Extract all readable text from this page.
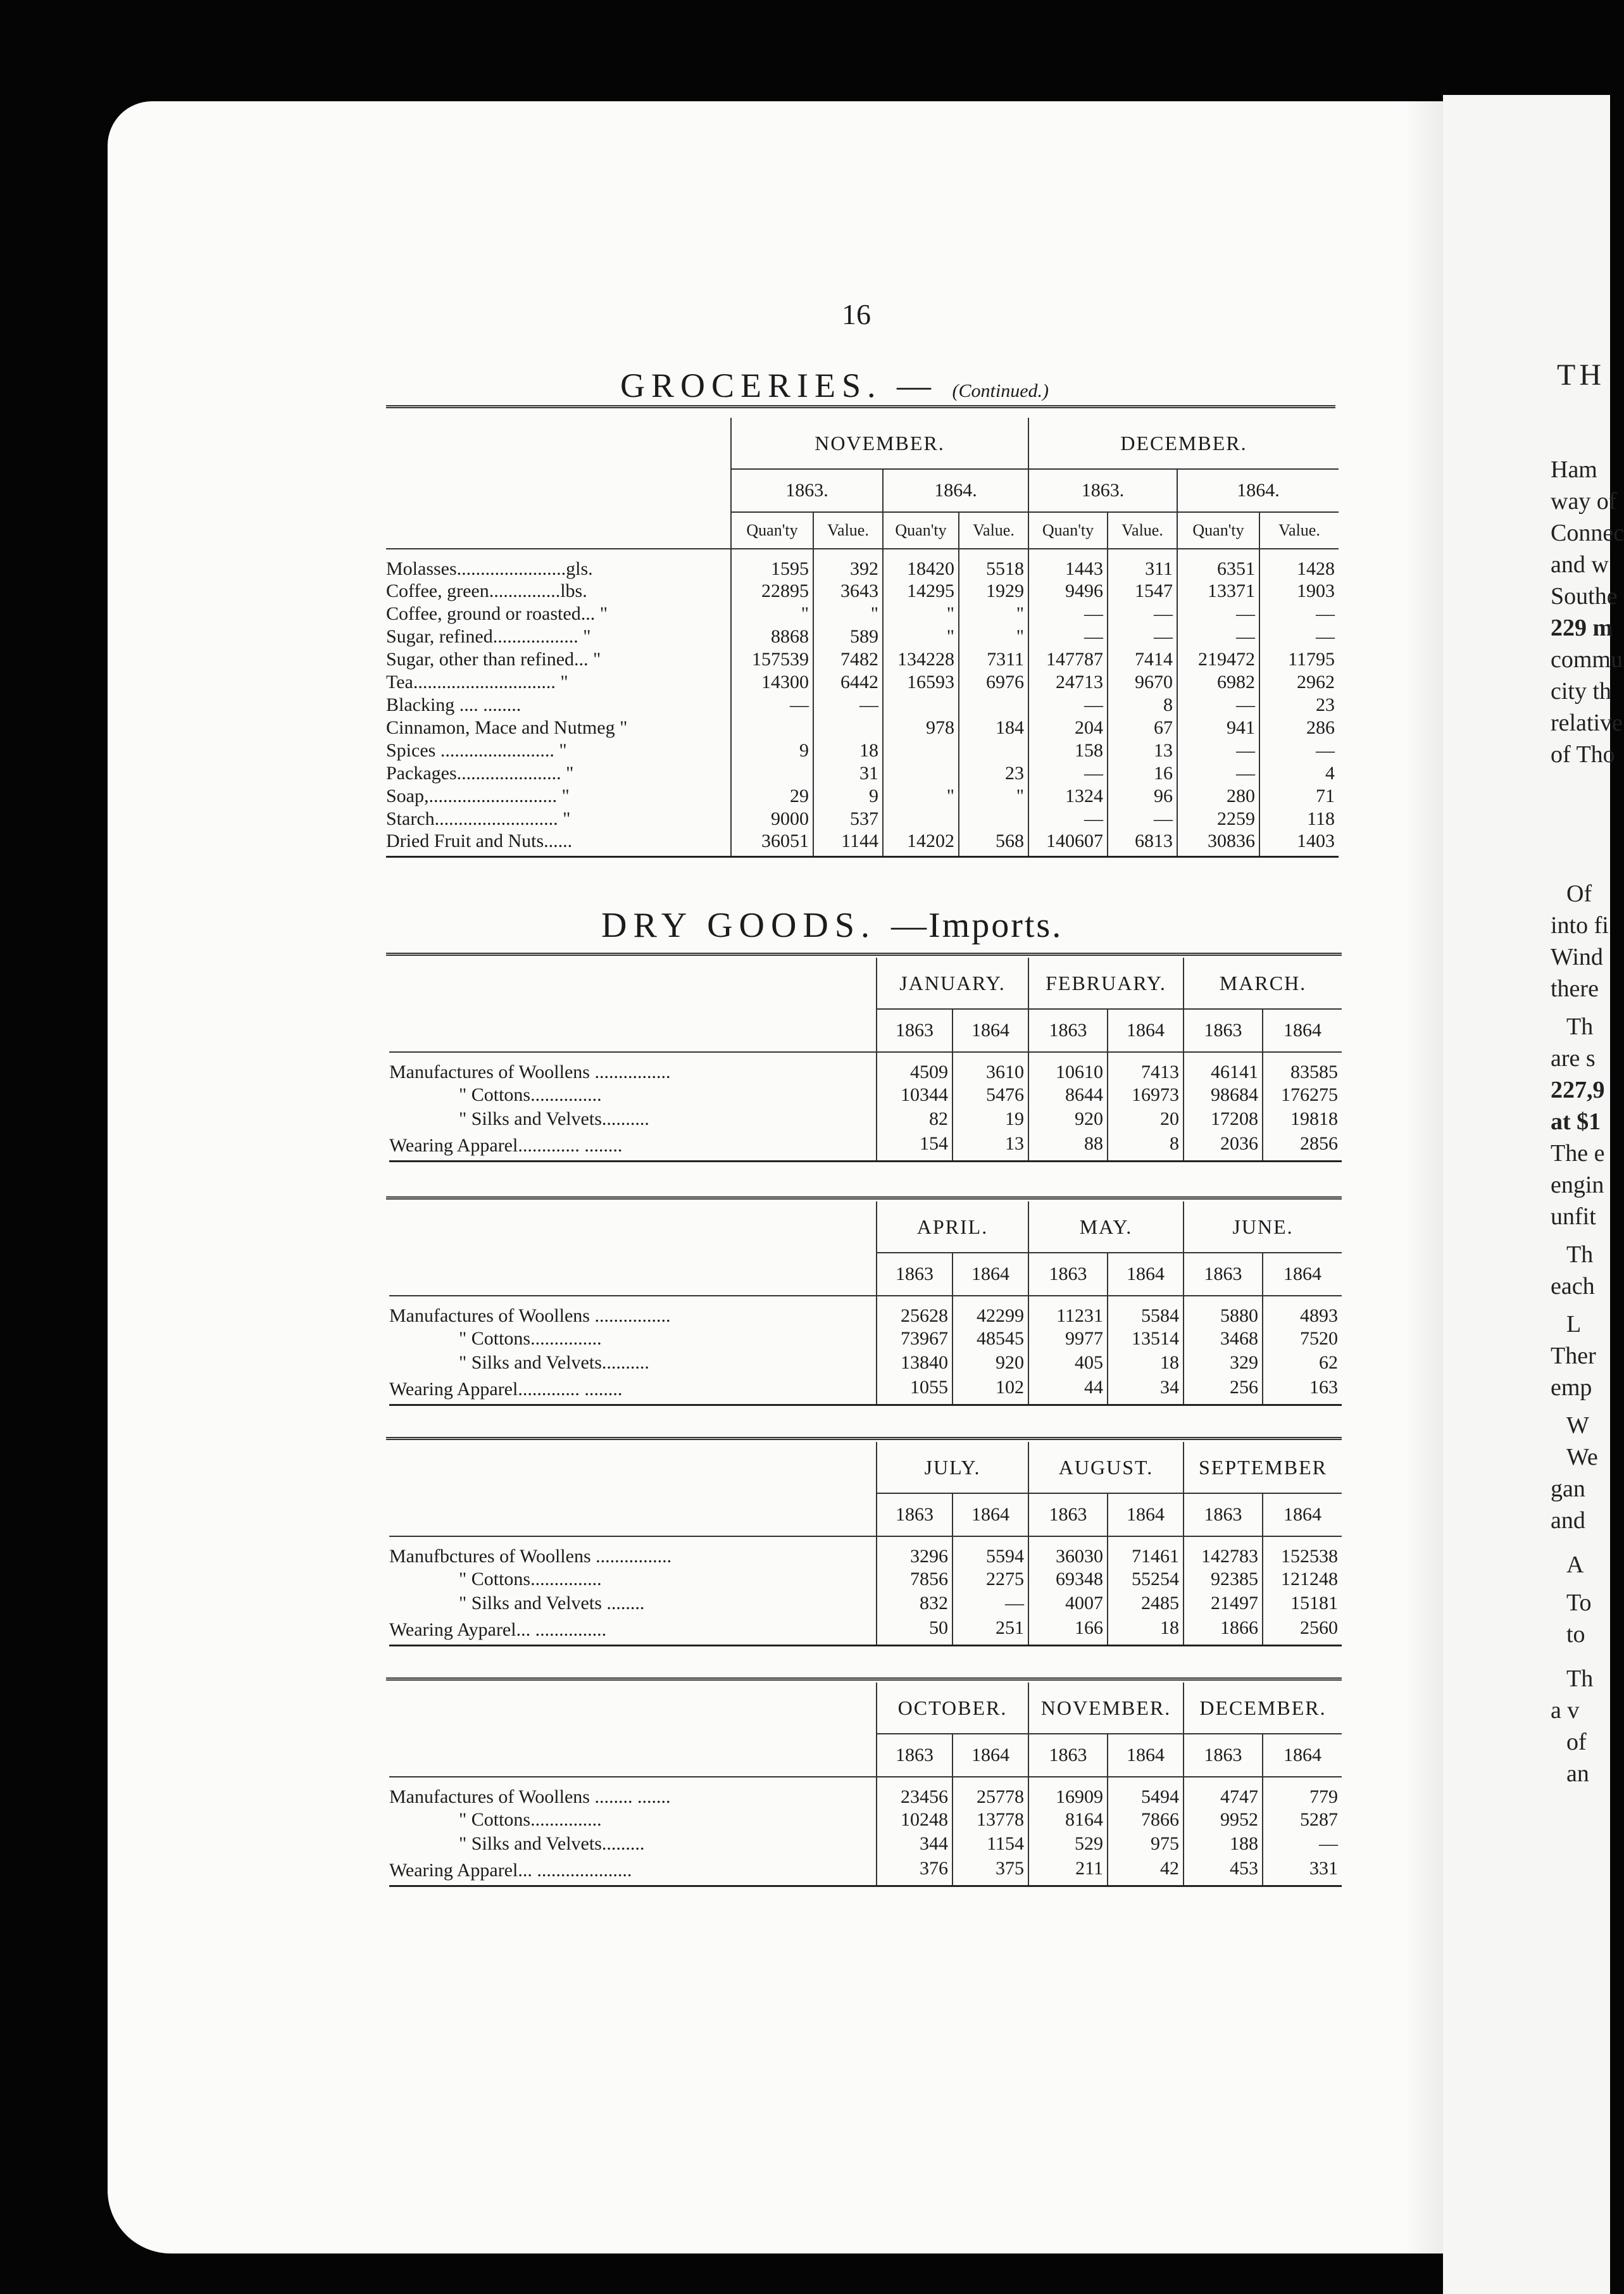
TH
Ham
way of
Connec
and w
Southe
229 m
commu
city th
relative
of Tho
Of
into fi
Wind
there
Th
are s
227,9
at $1
The e
engin
unfit
Th
each
L
Ther
emp
W
We
gan
and
A
To
to
Th
a v
of
an
16
GROCERIES. — (Continued.)
	NOVEMBER.				DECEMBER.			
	1863.		1864.		1863.		1864.	
	Quan'ty	Value.	Quan'ty	Value.	Quan'ty	Value.	Quan'ty	Value.
Molasses.......................gls.	1595	392	18420	5518	1443	311	6351	1428
Coffee, green...............lbs.	22895	3643	14295	1929	9496	1547	13371	1903
Coffee, ground or roasted... "	"	"	"	"	—	—	—	—
Sugar, refined.................. "	8868	589	"	"	—	—	—	—
Sugar, other than refined... "	157539	7482	134228	7311	147787	7414	219472	11795
Tea.............................. "	14300	6442	16593	6976	24713	9670	6982	2962
Blacking .... ........	—	—			—	8	—	23
Cinnamon, Mace and Nutmeg "			978	184	204	67	941	286
Spices ........................ "	9	18			158	13	—	—
Packages...................... "		31		23	—	16	—	4
Soap,........................... "	29	9	"	"	1324	96	280	71
Starch.......................... "	9000	537			—	—	2259	118
Dried Fruit and Nuts......	36051	1144	14202	568	140607	6813	30836	1403
DRY GOODS. —Imports.
	JANUARY.		FEBRUARY.		MARCH.	
	1863	1864	1863	1864	1863	1864
Manufactures of Woollens ................	4509	3610	10610	7413	46141	83585
" Cottons...............	10344	5476	8644	16973	98684	176275
" Silks and Velvets..........	82	19	920	20	17208	19818
Wearing Apparel............. ........	154	13	88	8	2036	2856
	APRIL.		MAY.		JUNE.	
	1863	1864	1863	1864	1863	1864
Manufactures of Woollens ................	25628	42299	11231	5584	5880	4893
" Cottons...............	73967	48545	9977	13514	3468	7520
" Silks and Velvets..........	13840	920	405	18	329	62
Wearing Apparel............. ........	1055	102	44	34	256	163
	JULY.		AUGUST.		SEPTEMBER	
	1863	1864	1863	1864	1863	1864
Manufbctures of Woollens ................	3296	5594	36030	71461	142783	152538
" Cottons...............	7856	2275	69348	55254	92385	121248
" Silks and Velvets ........	832	—	4007	2485	21497	15181
Wearing Ayparel... ...............	50	251	166	18	1866	2560
	OCTOBER.		NOVEMBER.		DECEMBER.	
	1863	1864	1863	1864	1863	1864
Manufactures of Woollens ........ .......	23456	25778	16909	5494	4747	779
" Cottons...............	10248	13778	8164	7866	9952	5287
" Silks and Velvets.........	344	1154	529	975	188	—
Wearing Apparel... ....................	376	375	211	42	453	331
